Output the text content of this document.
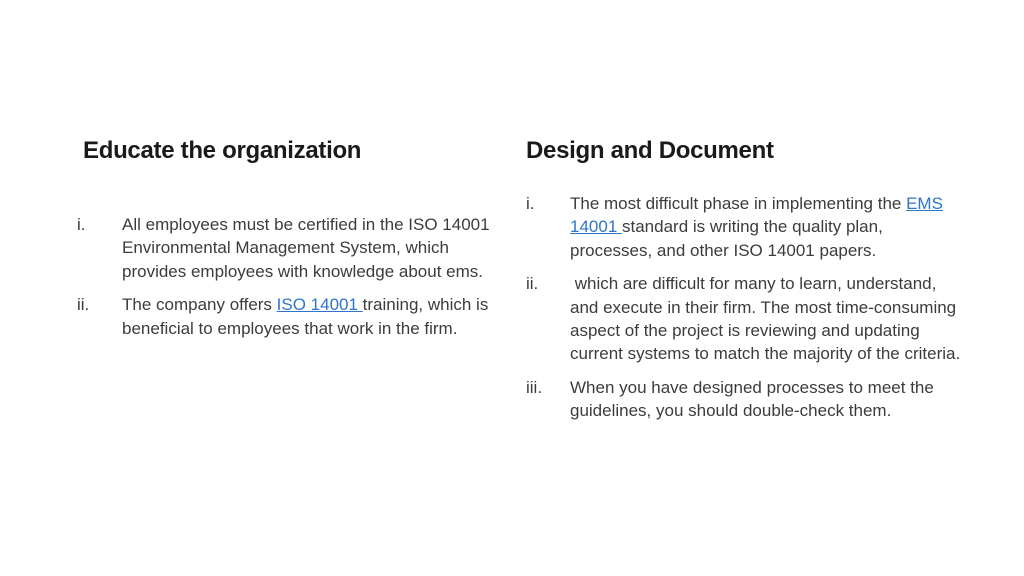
Educate the organization
i. All employees must be certified in the ISO 14001 Environmental Management System, which provides employees with knowledge about ems.
ii. The company offers ISO 14001 training, which is beneficial to employees that work in the firm.
Design and Document
i. The most difficult phase in implementing the EMS 14001 standard is writing the quality plan, processes, and other ISO 14001 papers.
ii. which are difficult for many to learn, understand, and execute in their firm. The most time-consuming aspect of the project is reviewing and updating current systems to match the majority of the criteria.
iii. When you have designed processes to meet the guidelines, you should double-check them.
